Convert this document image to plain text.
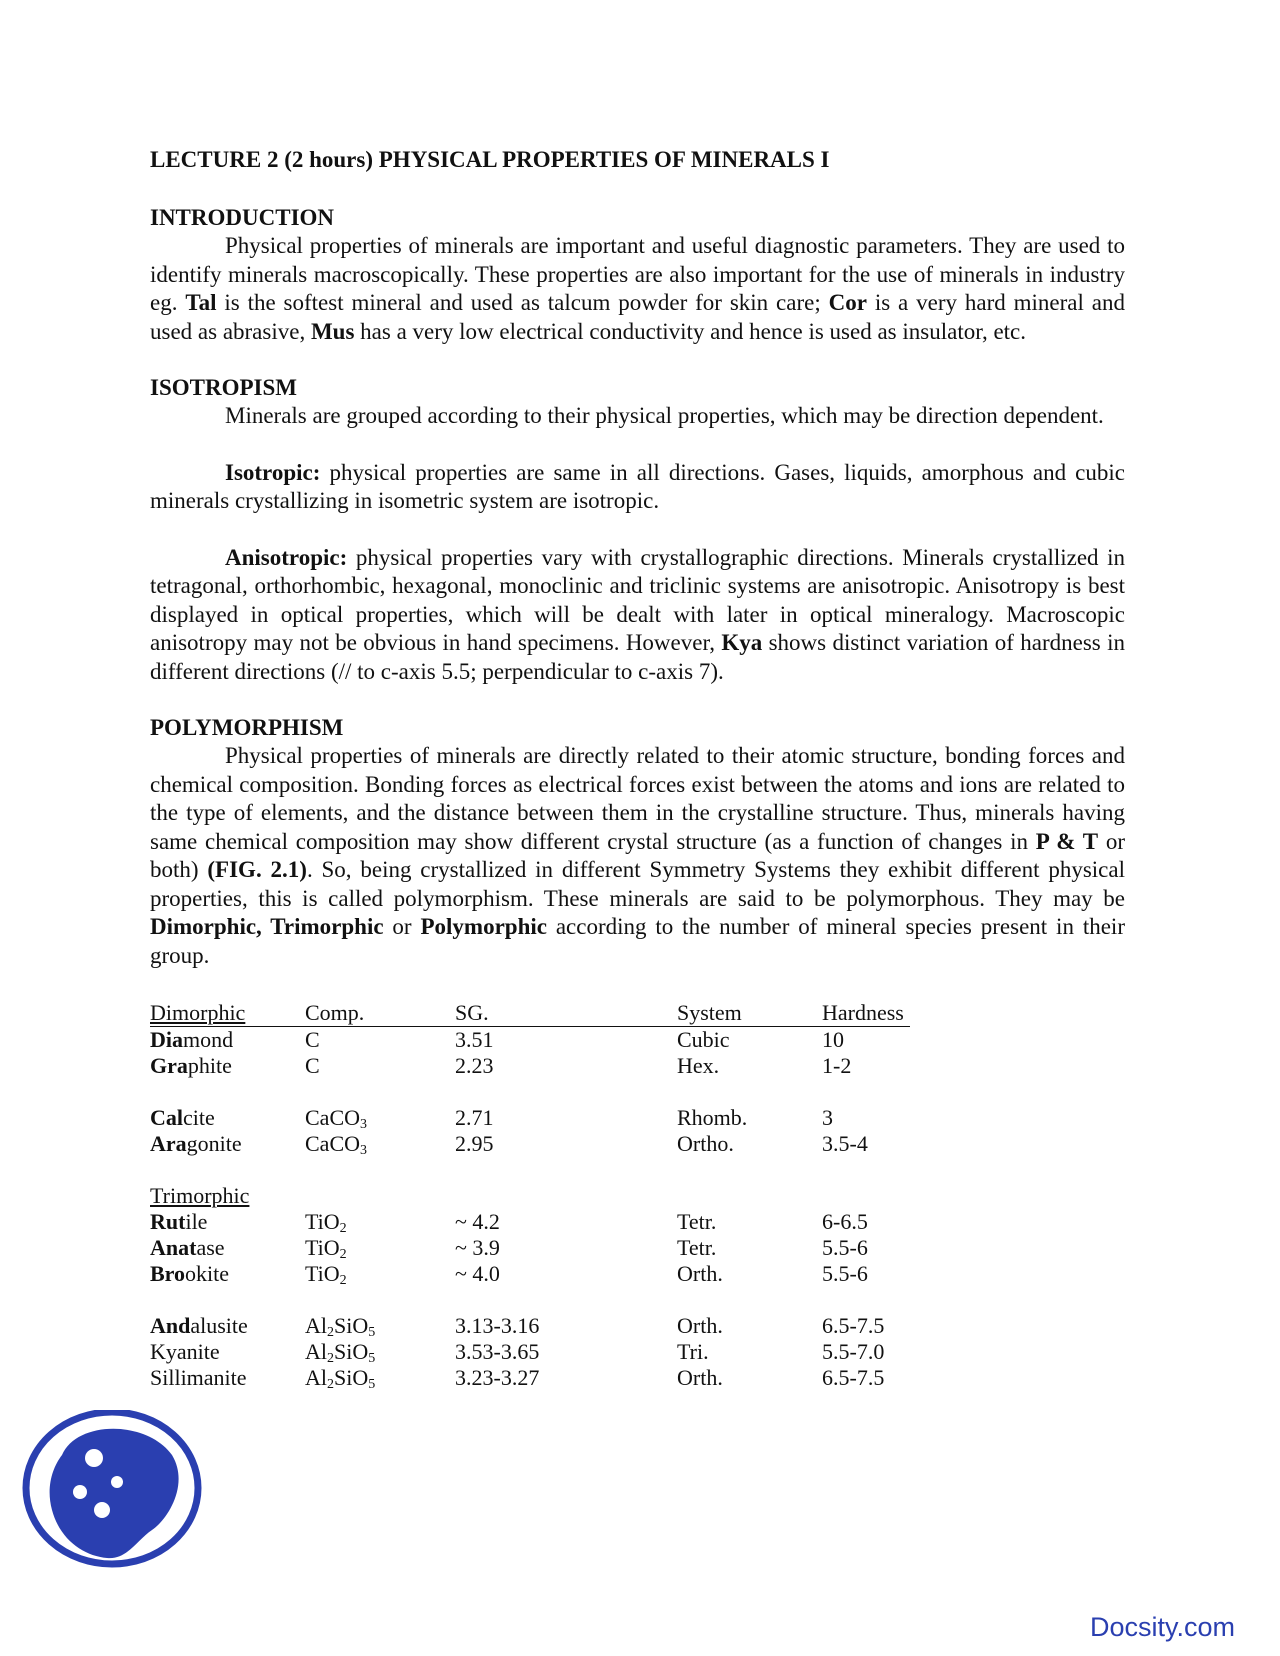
LECTURE 2 (2 hours) PHYSICAL PROPERTIES OF MINERALS I
INTRODUCTION

Physical properties of minerals are important and useful diagnostic parameters. They are used to identify minerals macroscopically. These properties are also important for the use of minerals in industry eg. Tal is the softest mineral and used as talcum powder for skin care; Cor is a very hard mineral and used as abrasive, Mus has a very low electrical conductivity and hence is used as insulator, etc.

ISOTROPISM

Minerals are grouped according to their physical properties, which may be direction dependent.

Isotropic: physical properties are same in all directions. Gases, liquids, amorphous and cubic minerals crystallizing in isometric system are isotropic.

Anisotropic: physical properties vary with crystallographic directions. Minerals crystallized in tetragonal, orthorhombic, hexagonal, monoclinic and triclinic systems are anisotropic. Anisotropy is best displayed in optical properties, which will be dealt with later in optical mineralogy. Macroscopic anisotropy may not be obvious in hand specimens. However, Kya shows distinct variation of hardness in different directions (// to c-axis 5.5; perpendicular to c-axis 7).

POLYMORPHISM

Physical properties of minerals are directly related to their atomic structure, bonding forces and chemical composition. Bonding forces as electrical forces exist between the atoms and ions are related to the type of elements, and the distance between them in the crystalline structure. Thus, minerals having same chemical composition may show different crystal structure (as a function of changes in P & T or both) (FIG. 2.1). So, being crystallized in different Symmetry Systems they exhibit different physical properties, this is called polymorphism. These minerals are said to be polymorphous. They may be Dimorphic, Trimorphic or Polymorphic according to the number of mineral species present in their group.

Dimorphic	Comp.	SG.	System	Hardness
Diamond	C	3.51	Cubic	10
Graphite	C	2.23	Hex.	1-2

Calcite	CaCO$_3$	2.71	Rhomb.	3
Aragonite	CaCO$_3$	2.95	Ortho.	3.5-4

Trimorphic				
Rutile	TiO$_2$	~ 4.2	Tetr.	6-6.5
Anatase	TiO$_2$	~ 3.9	Tetr.	5.5-6
Brookite	TiO$_2$	~ 4.0	Orth.	5.5-6

Andalusite	$Al_2SiO_5$	3.13-3.16	Orth.	6.5-7.5
Kyanite	$Al_2SiO_5$	3.53-3.65	Tri.	5.5-7.0
Sillimanite	$Al_2SiO_5$	3.23-3.27	Orth.	6.5-7.5
Docsity.com
